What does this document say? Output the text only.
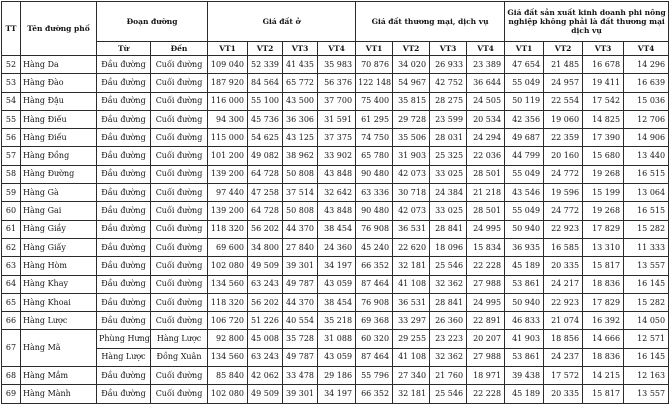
TT	Tên đường phố	Đoạn đường		Giá đất ở				Giá đất thương mại, dịch vụ				Giá đất sản xuất kinh doanh phi nông nghiệp không phải là đất thương mại dịch vụ			
		Từ	Đến	VT1	VT2	VT3	VT4	VT1	VT2	VT3	VT4	VT1	VT2	VT3	VT4
52	Hàng Da	Đầu đường	Cuối đường	109 040	52 339	41 435	35 983	70 876	34 020	26 933	23 389	47 654	21 485	16 678	14 296
53	Hàng Đào	Đầu đường	Cuối đường	187 920	84 564	65 772	56 376	122 148	54 967	42 752	36 644	55 049	24 957	19 411	16 639
54	Hàng Đậu	Đầu đường	Cuối đường	116 000	55 100	43 500	37 700	75 400	35 815	28 275	24 505	50 119	22 554	17 542	15 036
55	Hàng Điếu	Đầu đường	Cuối đường	94 300	45 736	36 306	31 591	61 295	29 728	23 599	20 534	42 356	19 060	14 825	12 706
56	Hàng Điếu	Đầu đường	Cuối đường	115 000	54 625	43 125	37 375	74 750	35 506	28 031	24 294	49 687	22 359	17 390	14 906
57	Hàng Đồng	Đầu đường	Cuối đường	101 200	49 082	38 962	33 902	65 780	31 903	25 325	22 036	44 799	20 160	15 680	13 440
58	Hàng Đường	Đầu đường	Cuối đường	139 200	64 728	50 808	43 848	90 480	42 073	33 025	28 501	55 049	24 772	19 268	16 515
59	Hàng Gà	Đầu đường	Cuối đường	97 440	47 258	37 514	32 642	63 336	30 718	24 384	21 218	43 546	19 596	15 199	13 064
60	Hàng Gai	Đầu đường	Cuối đường	139 200	64 728	50 808	43 848	90 480	42 073	33 025	28 501	55 049	24 772	19 268	16 515
61	Hàng Giầy	Đầu đường	Cuối đường	118 320	56 202	44 370	38 454	76 908	36 531	28 841	24 995	50 940	22 923	17 829	15 282
62	Hàng Giấy	Đầu đường	Cuối đường	69 600	34 800	27 840	24 360	45 240	22 620	18 096	15 834	36 935	16 585	13 310	11 333
63	Hàng Hòm	Đầu đường	Cuối đường	102 080	49 509	39 301	34 197	66 352	32 181	25 546	22 228	45 189	20 335	15 817	13 557
64	Hàng Khay	Đầu đường	Cuối đường	134 560	63 243	49 787	43 059	87 464	41 108	32 362	27 988	53 861	24 217	18 836	16 145
65	Hàng Khoai	Đầu đường	Cuối đường	118 320	56 202	44 370	38 454	76 908	36 531	28 841	24 995	50 940	22 923	17 829	15 282
66	Hàng Lược	Đầu đường	Cuối đường	106 720	51 226	40 554	35 218	69 368	33 297	26 360	22 891	46 833	21 074	16 392	14 050
67	Hàng Mã	Phùng Hưng	Hàng Lược	92 800	45 008	35 728	31 088	60 320	29 255	23 223	20 207	41 903	18 856	14 666	12 571
		Hàng Lược	Đồng Xuân	134 560	63 243	49 787	43 059	87 464	41 108	32 362	27 988	53 861	24 237	18 836	16 145
68	Hàng Mắm	Đầu đường	Cuối đường	85 840	42 062	33 478	29 186	55 796	27 340	21 760	18 971	39 438	17 572	14 215	12 163
69	Hàng Mành	Đầu đường	Cuối đường	102 080	49 509	39 301	34 197	66 352	32 181	25 546	22 228	45 189	20 335	15 817	13 557
